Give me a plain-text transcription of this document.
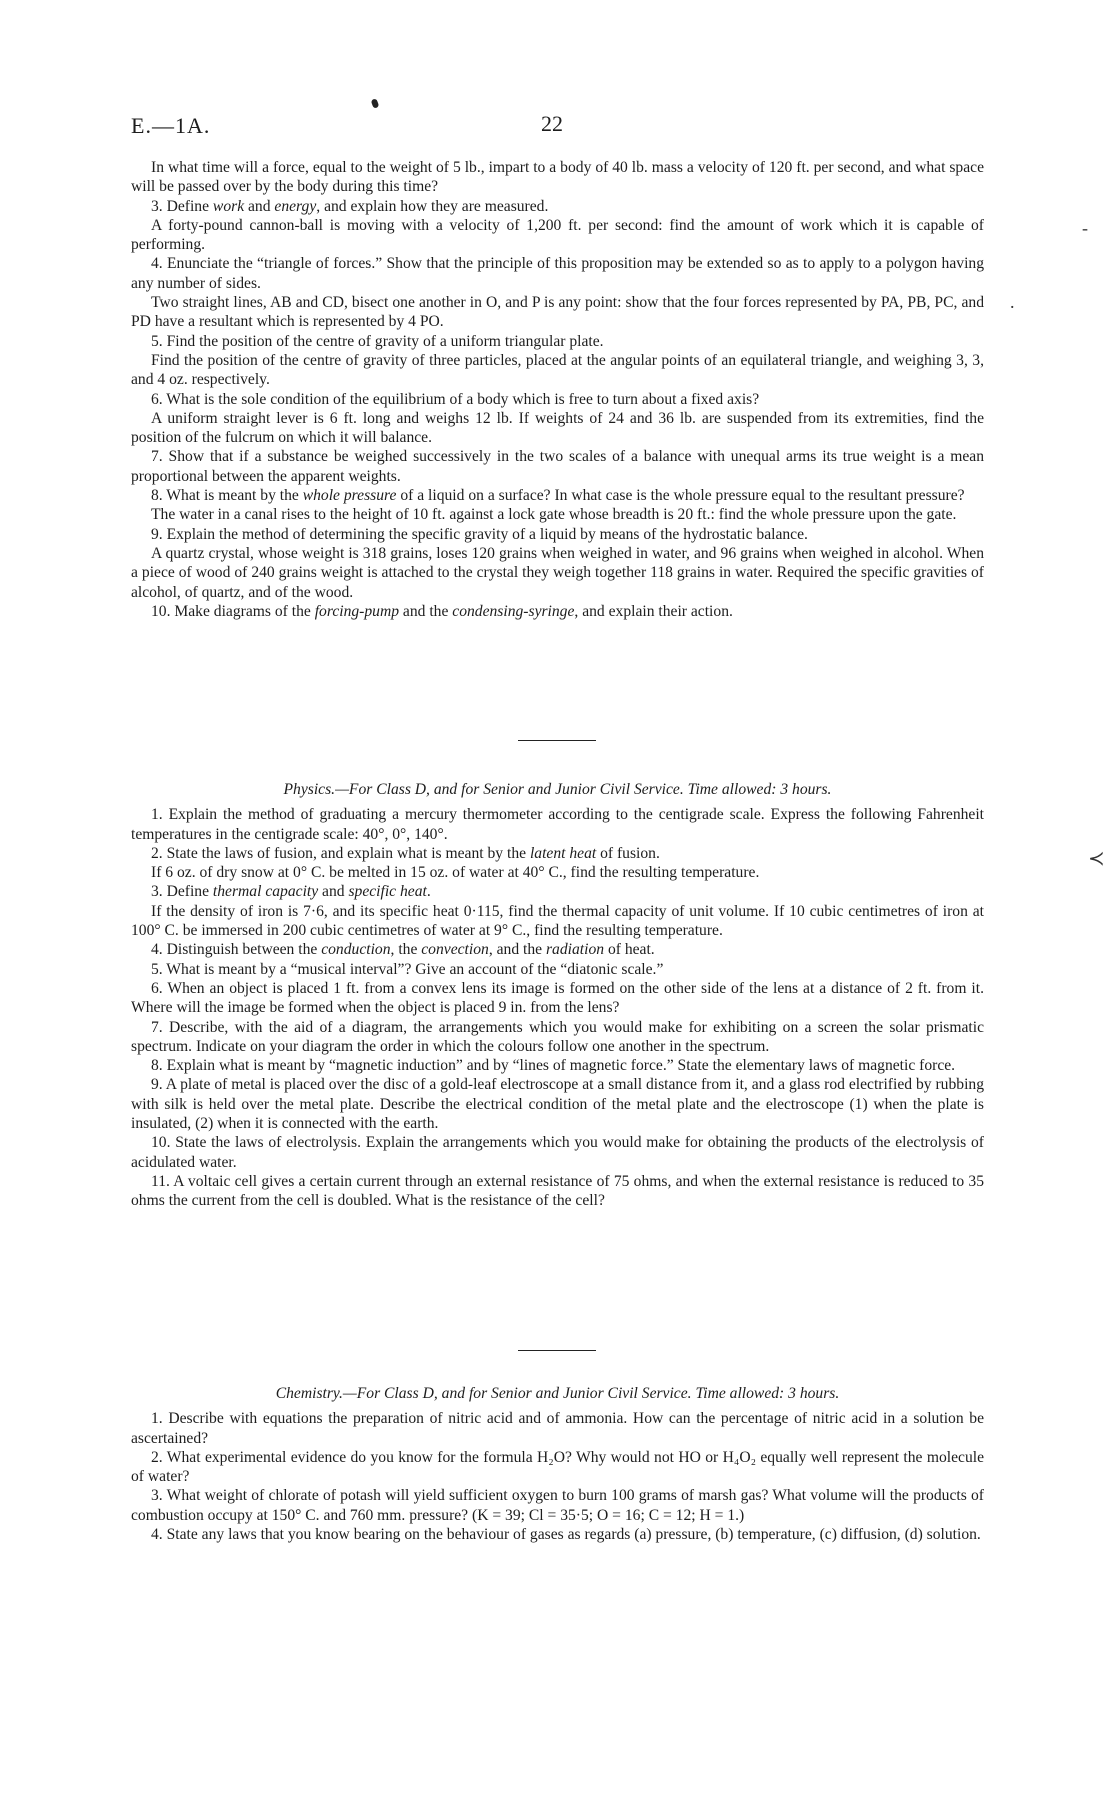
E.—1A.	22
-
.
≺

In what time will a force, equal to the weight of 5 lb., impart to a body of 40 lb. mass a velocity of 120 ft. per second, and what space will be passed over by the body during this time?

3. Define work and energy, and explain how they are measured.

A forty-pound cannon-ball is moving with a velocity of 1,200 ft. per second: find the amount of work which it is capable of performing.

4. Enunciate the “triangle of forces.” Show that the principle of this proposition may be extended so as to apply to a polygon having any number of sides.

Two straight lines, AB and CD, bisect one another in O, and P is any point: show that the four forces represented by PA, PB, PC, and PD have a resultant which is represented by 4 PO.

5. Find the position of the centre of gravity of a uniform triangular plate.

Find the position of the centre of gravity of three particles, placed at the angular points of an equilateral triangle, and weighing 3, 3, and 4 oz. respectively.

6. What is the sole condition of the equilibrium of a body which is free to turn about a fixed axis?

A uniform straight lever is 6 ft. long and weighs 12 lb. If weights of 24 and 36 lb. are suspended from its extremities, find the position of the fulcrum on which it will balance.

7. Show that if a substance be weighed successively in the two scales of a balance with unequal arms its true weight is a mean proportional between the apparent weights.

8. What is meant by the whole pressure of a liquid on a surface? In what case is the whole pressure equal to the resultant pressure?

The water in a canal rises to the height of 10 ft. against a lock gate whose breadth is 20 ft.: find the whole pressure upon the gate.

9. Explain the method of determining the specific gravity of a liquid by means of the hydrostatic balance.

A quartz crystal, whose weight is 318 grains, loses 120 grains when weighed in water, and 96 grains when weighed in alcohol. When a piece of wood of 240 grains weight is attached to the crystal they weigh together 118 grains in water. Required the specific gravities of alcohol, of quartz, and of the wood.

10. Make diagrams of the forcing-pump and the condensing-syringe, and explain their action.

Physics.—For Class D, and for Senior and Junior Civil Service. Time allowed: 3 hours.

1. Explain the method of graduating a mercury thermometer according to the centigrade scale. Express the following Fahrenheit temperatures in the centigrade scale: 40°, 0°, 140°.

2. State the laws of fusion, and explain what is meant by the latent heat of fusion.

If 6 oz. of dry snow at 0° C. be melted in 15 oz. of water at 40° C., find the resulting temperature.

3. Define thermal capacity and specific heat.

If the density of iron is 7·6, and its specific heat 0·115, find the thermal capacity of unit volume. If 10 cubic centimetres of iron at 100° C. be immersed in 200 cubic centimetres of water at 9° C., find the resulting temperature.

4. Distinguish between the conduction, the convection, and the radiation of heat.

5. What is meant by a “musical interval”? Give an account of the “diatonic scale.”

6. When an object is placed 1 ft. from a convex lens its image is formed on the other side of the lens at a distance of 2 ft. from it. Where will the image be formed when the object is placed 9 in. from the lens?

7. Describe, with the aid of a diagram, the arrangements which you would make for exhibiting on a screen the solar prismatic spectrum. Indicate on your diagram the order in which the colours follow one another in the spectrum.

8. Explain what is meant by “magnetic induction” and by “lines of magnetic force.” State the elementary laws of magnetic force.

9. A plate of metal is placed over the disc of a gold-leaf electroscope at a small distance from it, and a glass rod electrified by rubbing with silk is held over the metal plate. Describe the electrical condition of the metal plate and the electroscope (1) when the plate is insulated, (2) when it is connected with the earth.

10. State the laws of electrolysis. Explain the arrangements which you would make for obtaining the products of the electrolysis of acidulated water.

11. A voltaic cell gives a certain current through an external resistance of 75 ohms, and when the external resistance is reduced to 35 ohms the current from the cell is doubled. What is the resistance of the cell?

Chemistry.—For Class D, and for Senior and Junior Civil Service. Time allowed: 3 hours.

1. Describe with equations the preparation of nitric acid and of ammonia. How can the percentage of nitric acid in a solution be ascertained?

2. What experimental evidence do you know for the formula H₂O? Why would not HO or H₄O₂ equally well represent the molecule of water?

3. What weight of chlorate of potash will yield sufficient oxygen to burn 100 grams of marsh gas? What volume will the products of combustion occupy at 150° C. and 760 mm. pressure? (K = 39; Cl = 35·5; O = 16; C = 12; H = 1.)

4. State any laws that you know bearing on the behaviour of gases as regards (a) pressure, (b) temperature, (c) diffusion, (d) solution.
